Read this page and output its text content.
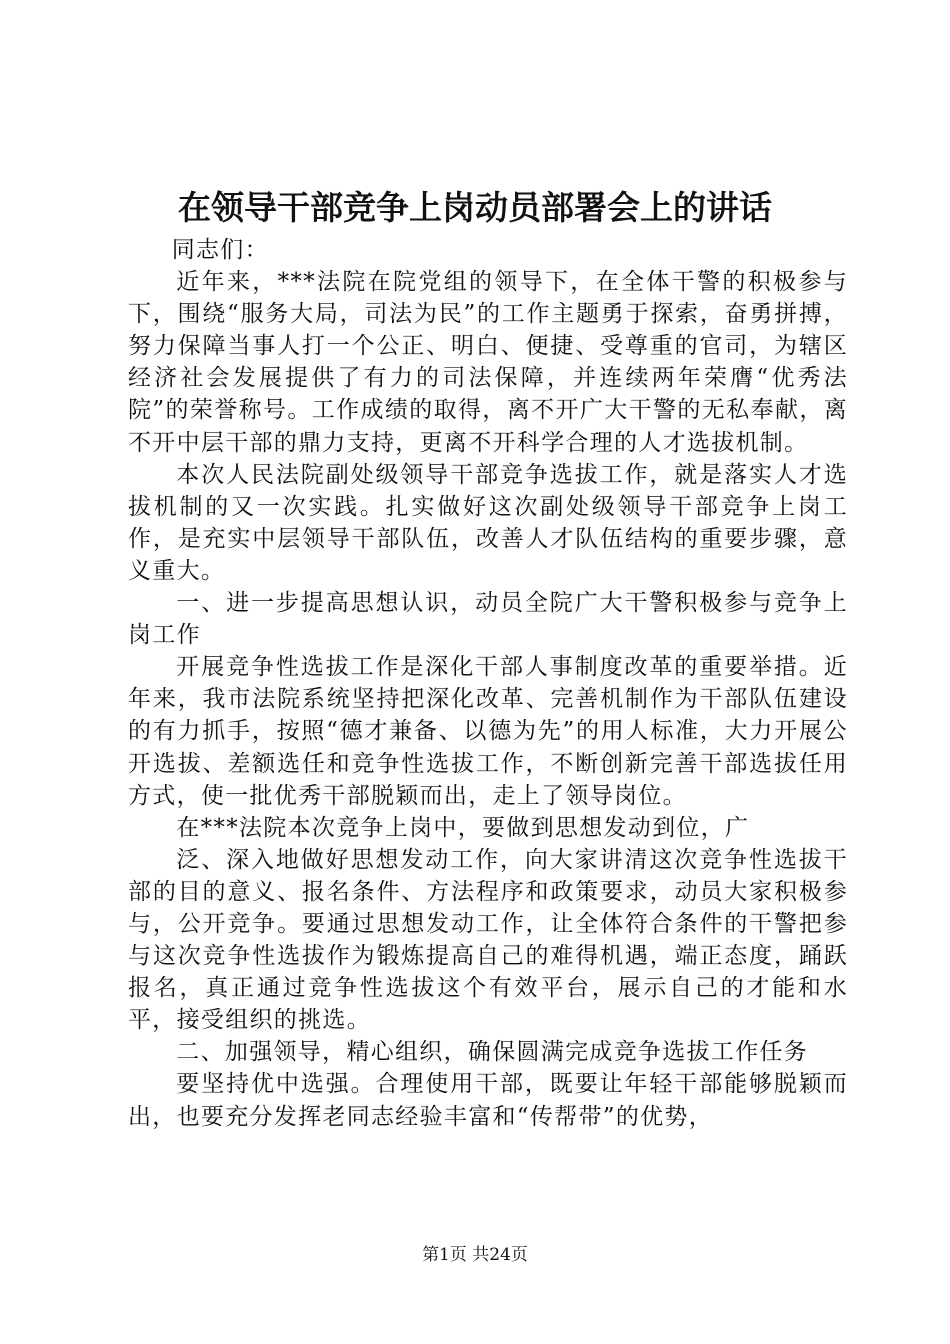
在领导干部竞争上岗动员部署会上的讲话

同志们：

近年来，***法院在院党组的领导下，在全体干警的积极参与下，围绕“服务大局，司法为民”的工作主题勇于探索，奋勇拼搏，努力保障当事人打一个公正、明白、便捷、受尊重的官司，为辖区经济社会发展提供了有力的司法保障，并连续两年荣膺“优秀法院”的荣誉称号。工作成绩的取得，离不开广大干警的无私奉献，离不开中层干部的鼎力支持，更离不开科学合理的人才选拔机制。

本次人民法院副处级领导干部竞争选拔工作，就是落实人才选拔机制的又一次实践。扎实做好这次副处级领导干部竞争上岗工作，是充实中层领导干部队伍，改善人才队伍结构的重要步骤，意义重大。

一、进一步提高思想认识，动员全院广大干警积极参与竞争上岗工作

开展竞争性选拔工作是深化干部人事制度改革的重要举措。近年来，我市法院系统坚持把深化改革、完善机制作为干部队伍建设的有力抓手，按照“德才兼备、以德为先”的用人标准，大力开展公开选拔、差额选任和竞争性选拔工作，不断创新完善干部选拔任用方式，使一批优秀干部脱颖而出，走上了领导岗位。

在***法院本次竞争上岗中，要做到思想发动到位，广

泛、深入地做好思想发动工作，向大家讲清这次竞争性选拔干部的目的意义、报名条件、方法程序和政策要求，动员大家积极参与，公开竞争。要通过思想发动工作，让全体符合条件的干警把参与这次竞争性选拔作为锻炼提高自己的难得机遇，端正态度，踊跃报名，真正通过竞争性选拔这个有效平台，展示自己的才能和水平，接受组织的挑选。

二、加强领导，精心组织，确保圆满完成竞争选拔工作任务

要坚持优中选强。合理使用干部，既要让年轻干部能够脱颖而出，也要充分发挥老同志经验丰富和“传帮带”的优势，

第1页 共24页
